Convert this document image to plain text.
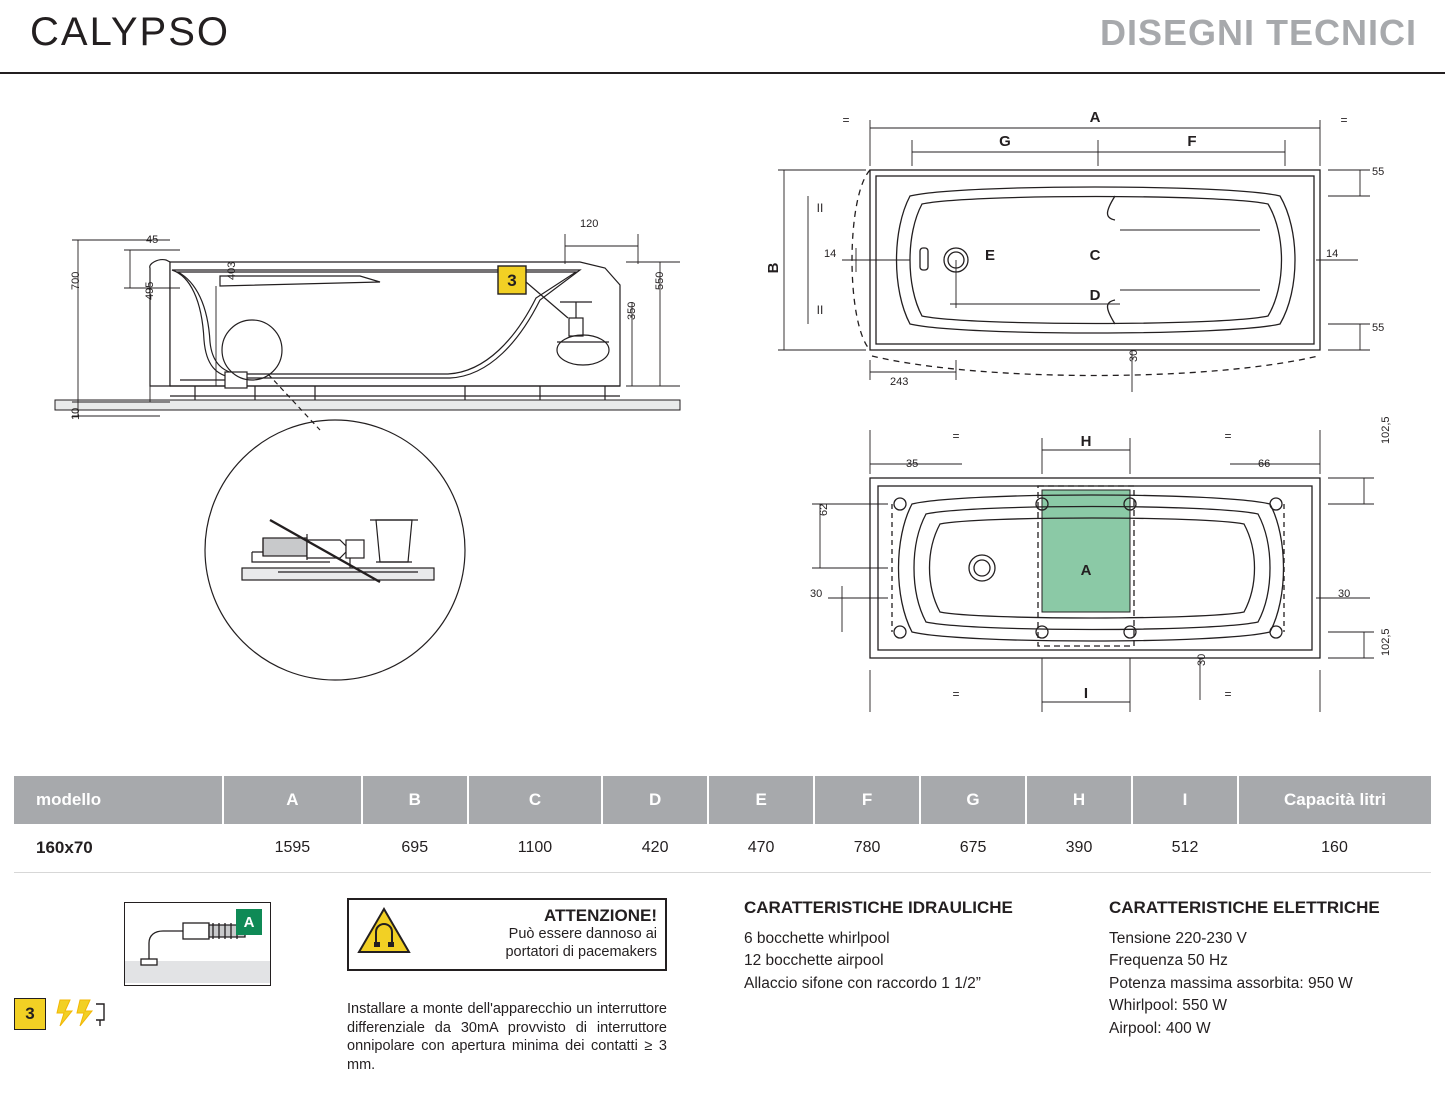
CALYPSO	DISEGNI TECNICI
3
45
403
495
700
10
120
550
350
A
G	F
C
D
E
B
=	=
II
II
55
55
14	14
243
30
H
I
A
=	=
=	=
35	66
62
30	30
30
102,5
102,5
modello	A	B	C	D	E	F	G	H	I	Capacità litri
160x70	1595	695	1100	420	470	780	675	390	512	160
A
3
ATTENZIONE!
Può essere dannoso ai
portatori di pacemakers
Installare a monte dell'apparecchio un interruttore differenziale da 30mA provvisto di interruttore onnipolare con apertura minima dei contatti ≥ 3 mm.
CARATTERISTICHE IDRAULICHE
6 bocchette whirlpool
12 bocchette airpool
Allaccio sifone con raccordo 1 1/2”
CARATTERISTICHE ELETTRICHE
Tensione 220-230 V
Frequenza 50 Hz
Potenza massima assorbita: 950 W
Whirlpool: 550 W
Airpool: 400 W
